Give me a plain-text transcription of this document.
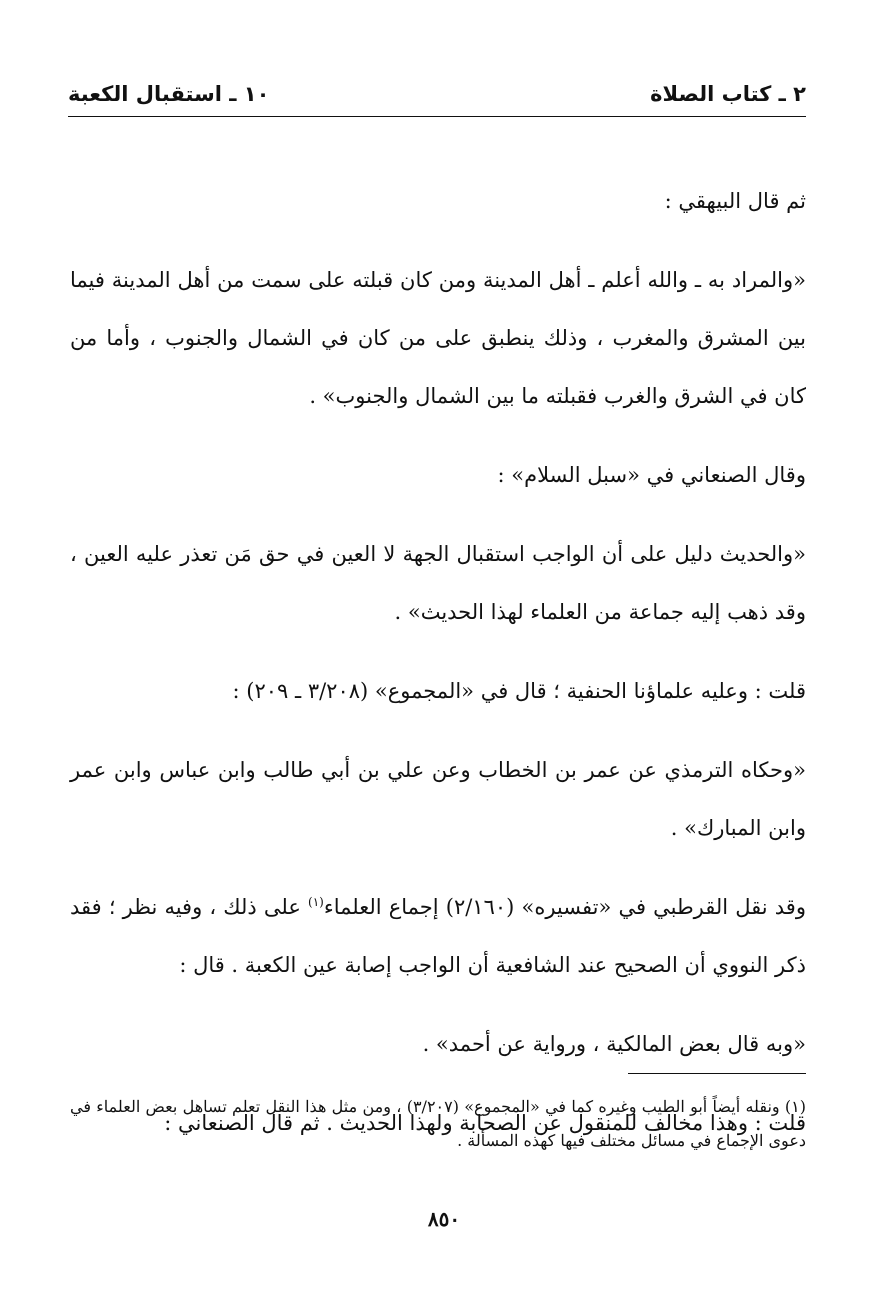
٢ ـ كتاب الصلاة
١٠ ـ استقبال الكعبة

ثم قال البيهقي :

«والمراد به ـ والله أعلم ـ أهل المدينة ومن كان قبلته على سمت من أهل المدينة فيما بين المشرق والمغرب ، وذلك ينطبق على من كان في الشمال والجنوب ، وأما من كان في الشرق والغرب فقبلته ما بين الشمال والجنوب» .

وقال الصنعاني في «سبل السلام» :

«والحديث دليل على أن الواجب استقبال الجهة لا العين في حق مَن تعذر عليه العين ، وقد ذهب إليه جماعة من العلماء لهذا الحديث» .

قلت : وعليه علماؤنا الحنفية ؛ قال في «المجموع» (٣/٢٠٨ ـ ٢٠٩) :

«وحكاه الترمذي عن عمر بن الخطاب وعن علي بن أبي طالب وابن عباس وابن عمر وابن المبارك» .

وقد نقل القرطبي في «تفسيره» (٢/١٦٠) إجماع العلماء$^{(١)}$ على ذلك ، وفيه نظر ؛ فقد ذكر النووي أن الصحيح عند الشافعية أن الواجب إصابة عين الكعبة . قال :

«وبه قال بعض المالكية ، ورواية عن أحمد» .

قلت : وهذا مخالف للمنقول عن الصحابة ولهذا الحديث . ثم قال الصنعاني :

(١) ونقله أيضاً أبو الطيب وغيره كما في «المجموع» (٣/٢٠٧) ، ومن مثل هذا النقل تعلم تساهل بعض العلماء في دعوى الإجماع في مسائل مختلف فيها كهذه المسألة .
٨٥٠
